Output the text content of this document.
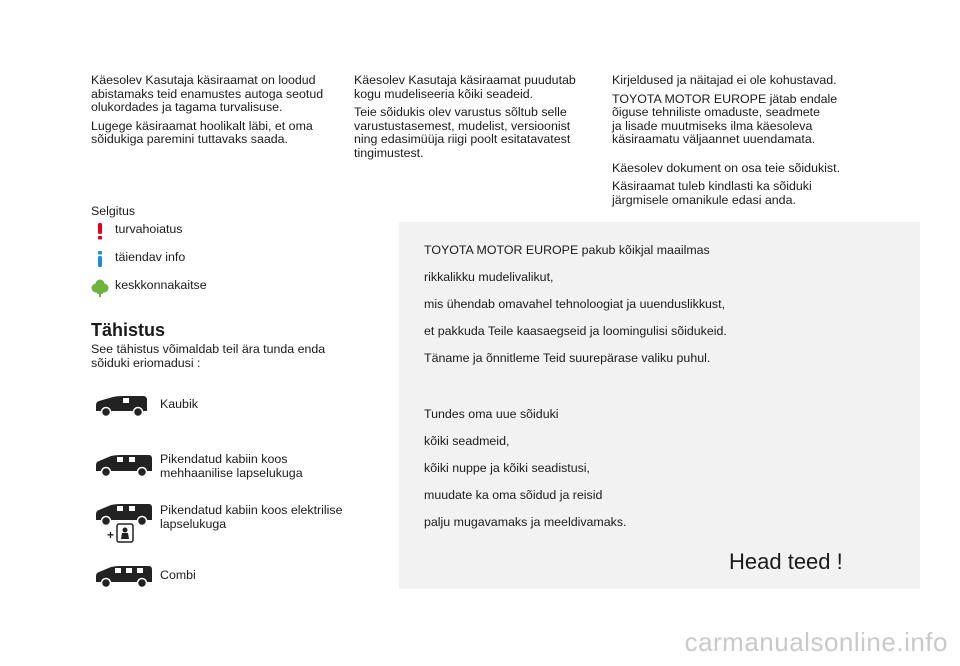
Käesolev Kasutaja käsiraamat on loodud
abistamaks teid enamustes autoga seotud
olukordades ja tagama turvalisuse.

Lugege käsiraamat hoolikalt läbi, et oma
sõidukiga paremini tuttavaks saada.

Käesolev Kasutaja käsiraamat puudutab
kogu mudeliseeria kõiki seadeid.

Teie sõidukis olev varustus sõltub selle
varustustasemest, mudelist, versioonist
ning edasimüüja riigi poolt esitatavatest
tingimustest.

Kirjeldused ja näitajad ei ole kohustavad.

TOYOTA MOTOR EUROPE jätab endale
õiguse tehniliste omaduste, seadmete
ja lisade muutmiseks ilma käesoleva
käsiraamatu väljaannet uuendamata.

Käesolev dokument on osa teie sõidukist.

Käsiraamat tuleb kindlasti ka sõiduki
järgmisele omanikule edasi anda.

Selgitus
turvahoiatus
täiendav info
keskkonnakaitse
Tähistus
See tähistus võimaldab teil ära tunda enda
sõiduki eriomadusi :
Kaubik
Pikendatud kabiin koos
mehhaanilise lapselukuga
+
Pikendatud kabiin koos elektrilise
lapselukuga
Combi
TOYOTA MOTOR EUROPE pakub kõikjal maailmas
rikkalikku mudelivalikut,
mis ühendab omavahel tehnoloogiat ja uuenduslikkust,
et pakkuda Teile kaasaegseid ja loomingulisi sõidukeid.
Täname ja õnnitleme Teid suurepärase valiku puhul.
Tundes oma uue sõiduki
kõiki seadmeid,
kõiki nuppe ja kõiki seadistusi,
muudate ka oma sõidud ja reisid
palju mugavamaks ja meeldivamaks.
Head teed !
carmanualsonline.info
